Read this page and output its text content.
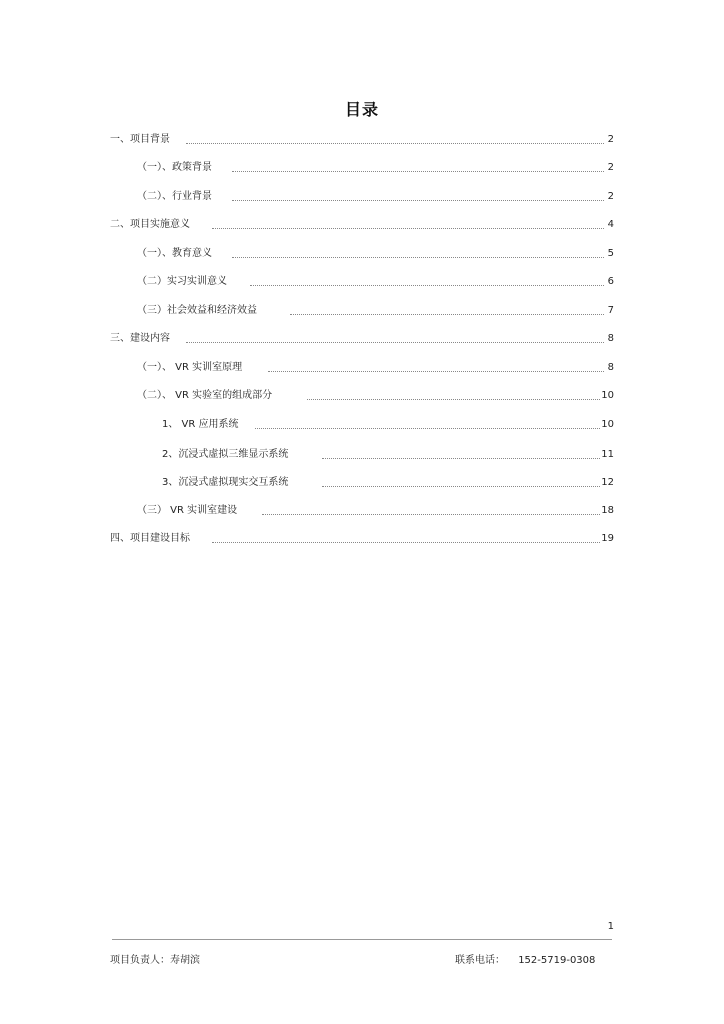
目录
一、项目背景	2
（一）、政策背景	2
（二）、行业背景	2
二、项目实施意义	4
（一）、教育意义	5
（二）实习实训意义	6
（三）社会效益和经济效益	7
三、建设内容	8
（一）、 VR 实训室原理	8
（二）、 VR 实验室的组成部分	10
1、 VR 应用系统	10
2、沉浸式虚拟三维显示系统	11
3、沉浸式虚拟现实交互系统	12
（三） VR 实训室建设	18
四、项目建设目标	19
1
项目负责人：寿胡滨	联系电话： 152-5719-0308
